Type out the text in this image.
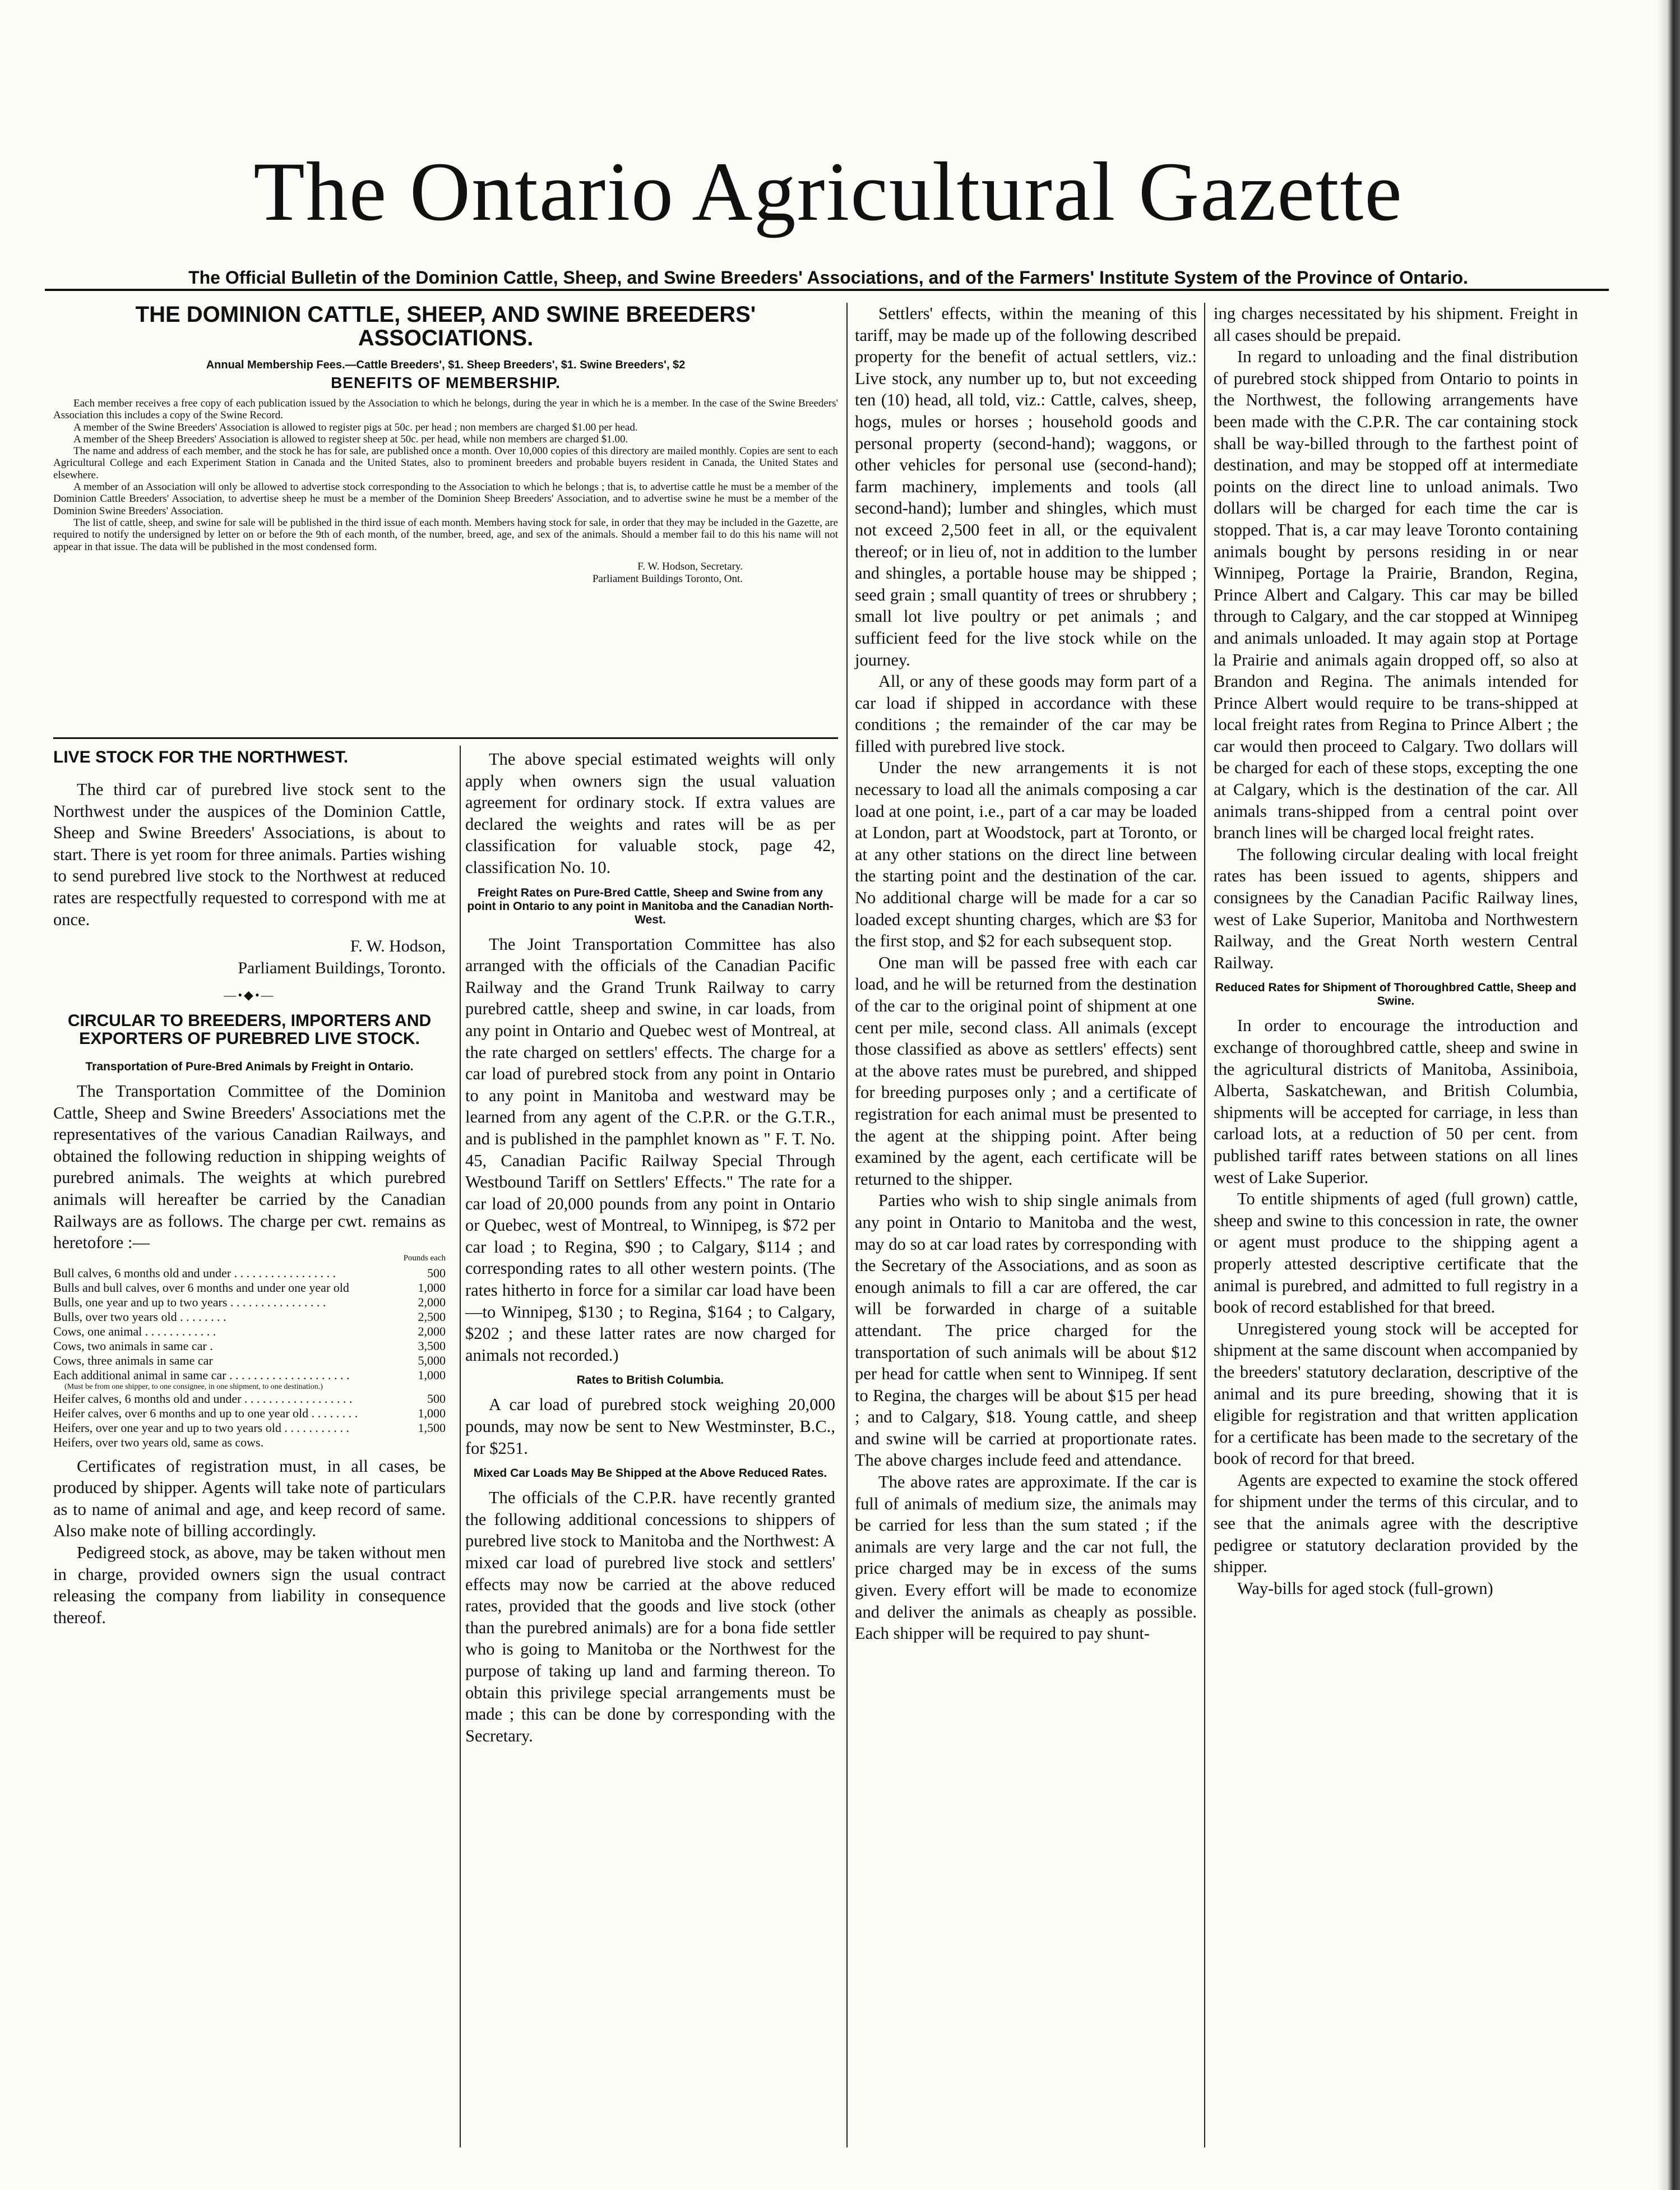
The Ontario Agricultural Gazette
The Official Bulletin of the Dominion Cattle, Sheep, and Swine Breeders' Associations, and of the Farmers' Institute System of the Province of Ontario.
THE DOMINION CATTLE, SHEEP, AND SWINE BREEDERS' ASSOCIATIONS.
Annual Membership Fees.—Cattle Breeders', $1. Sheep Breeders', $1. Swine Breeders', $2
BENEFITS OF MEMBERSHIP.

Each member receives a free copy of each publication issued by the Association to which he belongs, during the year in which he is a member. In the case of the Swine Breeders' Association this includes a copy of the Swine Record.

A member of the Swine Breeders' Association is allowed to register pigs at 50c. per head ; non members are charged $1.00 per head.

A member of the Sheep Breeders' Association is allowed to register sheep at 50c. per head, while non members are charged $1.00.

The name and address of each member, and the stock he has for sale, are published once a month. Over 10,000 copies of this directory are mailed monthly. Copies are sent to each Agricultural College and each Experiment Station in Canada and the United States, also to prominent breeders and probable buyers resident in Canada, the United States and elsewhere.

A member of an Association will only be allowed to advertise stock corresponding to the Association to which he belongs ; that is, to advertise cattle he must be a member of the Dominion Cattle Breeders' Association, to advertise sheep he must be a member of the Dominion Sheep Breeders' Association, and to advertise swine he must be a member of the Dominion Swine Breeders' Association.

The list of cattle, sheep, and swine for sale will be published in the third issue of each month. Members having stock for sale, in order that they may be included in the Gazette, are required to notify the undersigned by letter on or before the 9th of each month, of the number, breed, age, and sex of the animals. Should a member fail to do this his name will not appear in that issue. The data will be published in the most condensed form.

F. W. Hodson, Secretary.
Parliament Buildings Toronto, Ont.
LIVE STOCK FOR THE NORTHWEST.

The third car of purebred live stock sent to the Northwest under the auspices of the Dominion Cattle, Sheep and Swine Breeders' Associations, is about to start. There is yet room for three animals. Parties wishing to send purebred live stock to the Northwest at reduced rates are respectfully requested to correspond with me at once.

F. W. Hodson,

Parliament Buildings, Toronto.

—•◆•—
CIRCULAR TO BREEDERS, IMPORTERS AND EXPORTERS OF PUREBRED LIVE STOCK.
Transportation of Pure-Bred Animals by Freight in Ontario.

The Transportation Committee of the Dominion Cattle, Sheep and Swine Breeders' Associations met the representatives of the various Canadian Railways, and obtained the following reduction in shipping weights of purebred animals. The weights at which purebred animals will hereafter be carried by the Canadian Railways are as follows. The charge per cwt. remains as heretofore :—

Pounds each
Bull calves, 6 months old and under . . . . . . . . . . . . . . . . .	500
Bulls and bull calves, over 6 months and under one year old	1,000
Bulls, one year and up to two years . . . . . . . . . . . . . . . .	2,000
Bulls, over two years old . . . . . . . .	2,500
Cows, one animal . . . . . . . . . . . .	2,000
Cows, two animals in same car .	3,500
Cows, three animals in same car	5,000
Each additional animal in same car . . . . . . . . . . . . . . . . . . . .	1,000
(Must be from one shipper, to one consignee, in one shipment, to one destination.)	
Heifer calves, 6 months old and under . . . . . . . . . . . . . . . . . .	500
Heifer calves, over 6 months and up to one year old . . . . . . . .	1,000
Heifers, over one year and up to two years old . . . . . . . . . . .	1,500
Heifers, over two years old, same as cows.	

Certificates of registration must, in all cases, be produced by shipper. Agents will take note of particulars as to name of animal and age, and keep record of same. Also make note of billing accordingly.

Pedigreed stock, as above, may be taken without men in charge, provided owners sign the usual contract releasing the company from liability in consequence thereof.

The above special estimated weights will only apply when owners sign the usual valuation agreement for ordinary stock. If extra values are declared the weights and rates will be as per classification for valuable stock, page 42, classification No. 10.

Freight Rates on Pure-Bred Cattle, Sheep and Swine from any point in Ontario to any point in Manitoba and the Canadian North-West.

The Joint Transportation Committee has also arranged with the officials of the Canadian Pacific Railway and the Grand Trunk Railway to carry purebred cattle, sheep and swine, in car loads, from any point in Ontario and Quebec west of Montreal, at the rate charged on settlers' effects. The charge for a car load of purebred stock from any point in Ontario to any point in Manitoba and westward may be learned from any agent of the C.P.R. or the G.T.R., and is published in the pamphlet known as " F. T. No. 45, Canadian Pacific Railway Special Through Westbound Tariff on Settlers' Effects." The rate for a car load of 20,000 pounds from any point in Ontario or Quebec, west of Montreal, to Winnipeg, is $72 per car load ; to Regina, $90 ; to Calgary, $114 ; and corresponding rates to all other western points. (The rates hitherto in force for a similar car load have been—to Winnipeg, $130 ; to Regina, $164 ; to Calgary, $202 ; and these latter rates are now charged for animals not recorded.)

Rates to British Columbia.

A car load of purebred stock weighing 20,000 pounds, may now be sent to New Westminster, B.C., for $251.

Mixed Car Loads May Be Shipped at the Above Reduced Rates.

The officials of the C.P.R. have recently granted the following additional concessions to shippers of purebred live stock to Manitoba and the Northwest: A mixed car load of purebred live stock and settlers' effects may now be carried at the above reduced rates, provided that the goods and live stock (other than the purebred animals) are for a bona fide settler who is going to Manitoba or the Northwest for the purpose of taking up land and farming thereon. To obtain this privilege special arrangements must be made ; this can be done by corresponding with the Secretary.

Settlers' effects, within the meaning of this tariff, may be made up of the following described property for the benefit of actual settlers, viz.: Live stock, any number up to, but not exceeding ten (10) head, all told, viz.: Cattle, calves, sheep, hogs, mules or horses ; household goods and personal property (second-hand); waggons, or other vehicles for personal use (second-hand); farm machinery, implements and tools (all second-hand); lumber and shingles, which must not exceed 2,500 feet in all, or the equivalent thereof; or in lieu of, not in addition to the lumber and shingles, a portable house may be shipped ; seed grain ; small quantity of trees or shrubbery ; small lot live poultry or pet animals ; and sufficient feed for the live stock while on the journey.

All, or any of these goods may form part of a car load if shipped in accordance with these conditions ; the remainder of the car may be filled with purebred live stock.

Under the new arrangements it is not necessary to load all the animals composing a car load at one point, i.e., part of a car may be loaded at London, part at Woodstock, part at Toronto, or at any other stations on the direct line between the starting point and the destination of the car. No additional charge will be made for a car so loaded except shunting charges, which are $3 for the first stop, and $2 for each subsequent stop.

One man will be passed free with each car load, and he will be returned from the destination of the car to the original point of shipment at one cent per mile, second class. All animals (except those classified as above as settlers' effects) sent at the above rates must be purebred, and shipped for breeding purposes only ; and a certificate of registration for each animal must be presented to the agent at the shipping point. After being examined by the agent, each certificate will be returned to the shipper.

Parties who wish to ship single animals from any point in Ontario to Manitoba and the west, may do so at car load rates by corresponding with the Secretary of the Associations, and as soon as enough animals to fill a car are offered, the car will be forwarded in charge of a suitable attendant. The price charged for the transportation of such animals will be about $12 per head for cattle when sent to Winnipeg. If sent to Regina, the charges will be about $15 per head ; and to Calgary, $18. Young cattle, and sheep and swine will be carried at proportionate rates. The above charges include feed and attendance.

The above rates are approximate. If the car is full of animals of medium size, the animals may be carried for less than the sum stated ; if the animals are very large and the car not full, the price charged may be in excess of the sums given. Every effort will be made to economize and deliver the animals as cheaply as possible. Each shipper will be required to pay shunt-

ing charges necessitated by his shipment. Freight in all cases should be prepaid.

In regard to unloading and the final distribution of purebred stock shipped from Ontario to points in the Northwest, the following arrangements have been made with the C.P.R. The car containing stock shall be way-billed through to the farthest point of destination, and may be stopped off at intermediate points on the direct line to unload animals. Two dollars will be charged for each time the car is stopped. That is, a car may leave Toronto containing animals bought by persons residing in or near Winnipeg, Portage la Prairie, Brandon, Regina, Prince Albert and Calgary. This car may be billed through to Calgary, and the car stopped at Winnipeg and animals unloaded. It may again stop at Portage la Prairie and animals again dropped off, so also at Brandon and Regina. The animals intended for Prince Albert would require to be trans-shipped at local freight rates from Regina to Prince Albert ; the car would then proceed to Calgary. Two dollars will be charged for each of these stops, excepting the one at Calgary, which is the destination of the car. All animals trans-shipped from a central point over branch lines will be charged local freight rates.

The following circular dealing with local freight rates has been issued to agents, shippers and consignees by the Canadian Pacific Railway lines, west of Lake Superior, Manitoba and Northwestern Railway, and the Great North western Central Railway.

Reduced Rates for Shipment of Thoroughbred Cattle, Sheep and Swine.

In order to encourage the introduction and exchange of thoroughbred cattle, sheep and swine in the agricultural districts of Manitoba, Assiniboia, Alberta, Saskatchewan, and British Columbia, shipments will be accepted for carriage, in less than carload lots, at a reduction of 50 per cent. from published tariff rates between stations on all lines west of Lake Superior.

To entitle shipments of aged (full grown) cattle, sheep and swine to this concession in rate, the owner or agent must produce to the shipping agent a properly attested descriptive certificate that the animal is purebred, and admitted to full registry in a book of record established for that breed.

Unregistered young stock will be accepted for shipment at the same discount when accompanied by the breeders' statutory declaration, descriptive of the animal and its pure breeding, showing that it is eligible for registration and that written application for a certificate has been made to the secretary of the book of record for that breed.

Agents are expected to examine the stock offered for shipment under the terms of this circular, and to see that the animals agree with the descriptive pedigree or statutory declaration provided by the shipper.

Way-bills for aged stock (full-grown)
